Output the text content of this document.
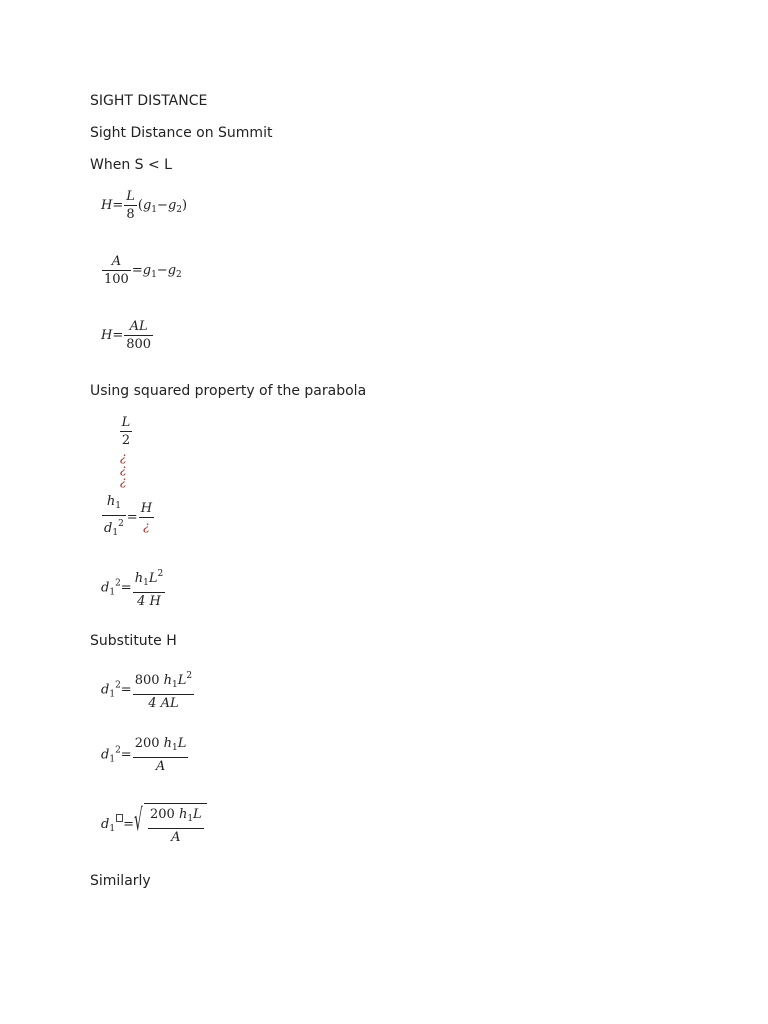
SIGHT DISTANCE
Sight Distance on Summit
When S < L
$H= \frac{L}{8} (g_1-g_2)$
$\frac{A}{100} =g_1-g_2$
$H= \frac{AL}{800}$
Using squared property of the parabola
$\frac{L}{2}$
¿
¿
¿
$\frac{h_1}{d_1^2} = \frac{H}{¿}$
$d_1^2= \frac{h_1L^2}{4 H}$
Substitute H
$d_1^2= \frac{800 h_1L^2}{4 AL}$
$d_1^2= \frac{200 h_1L}{A}$
$d_1$ = √ $\frac{200 h_1L}{A}$
Similarly
